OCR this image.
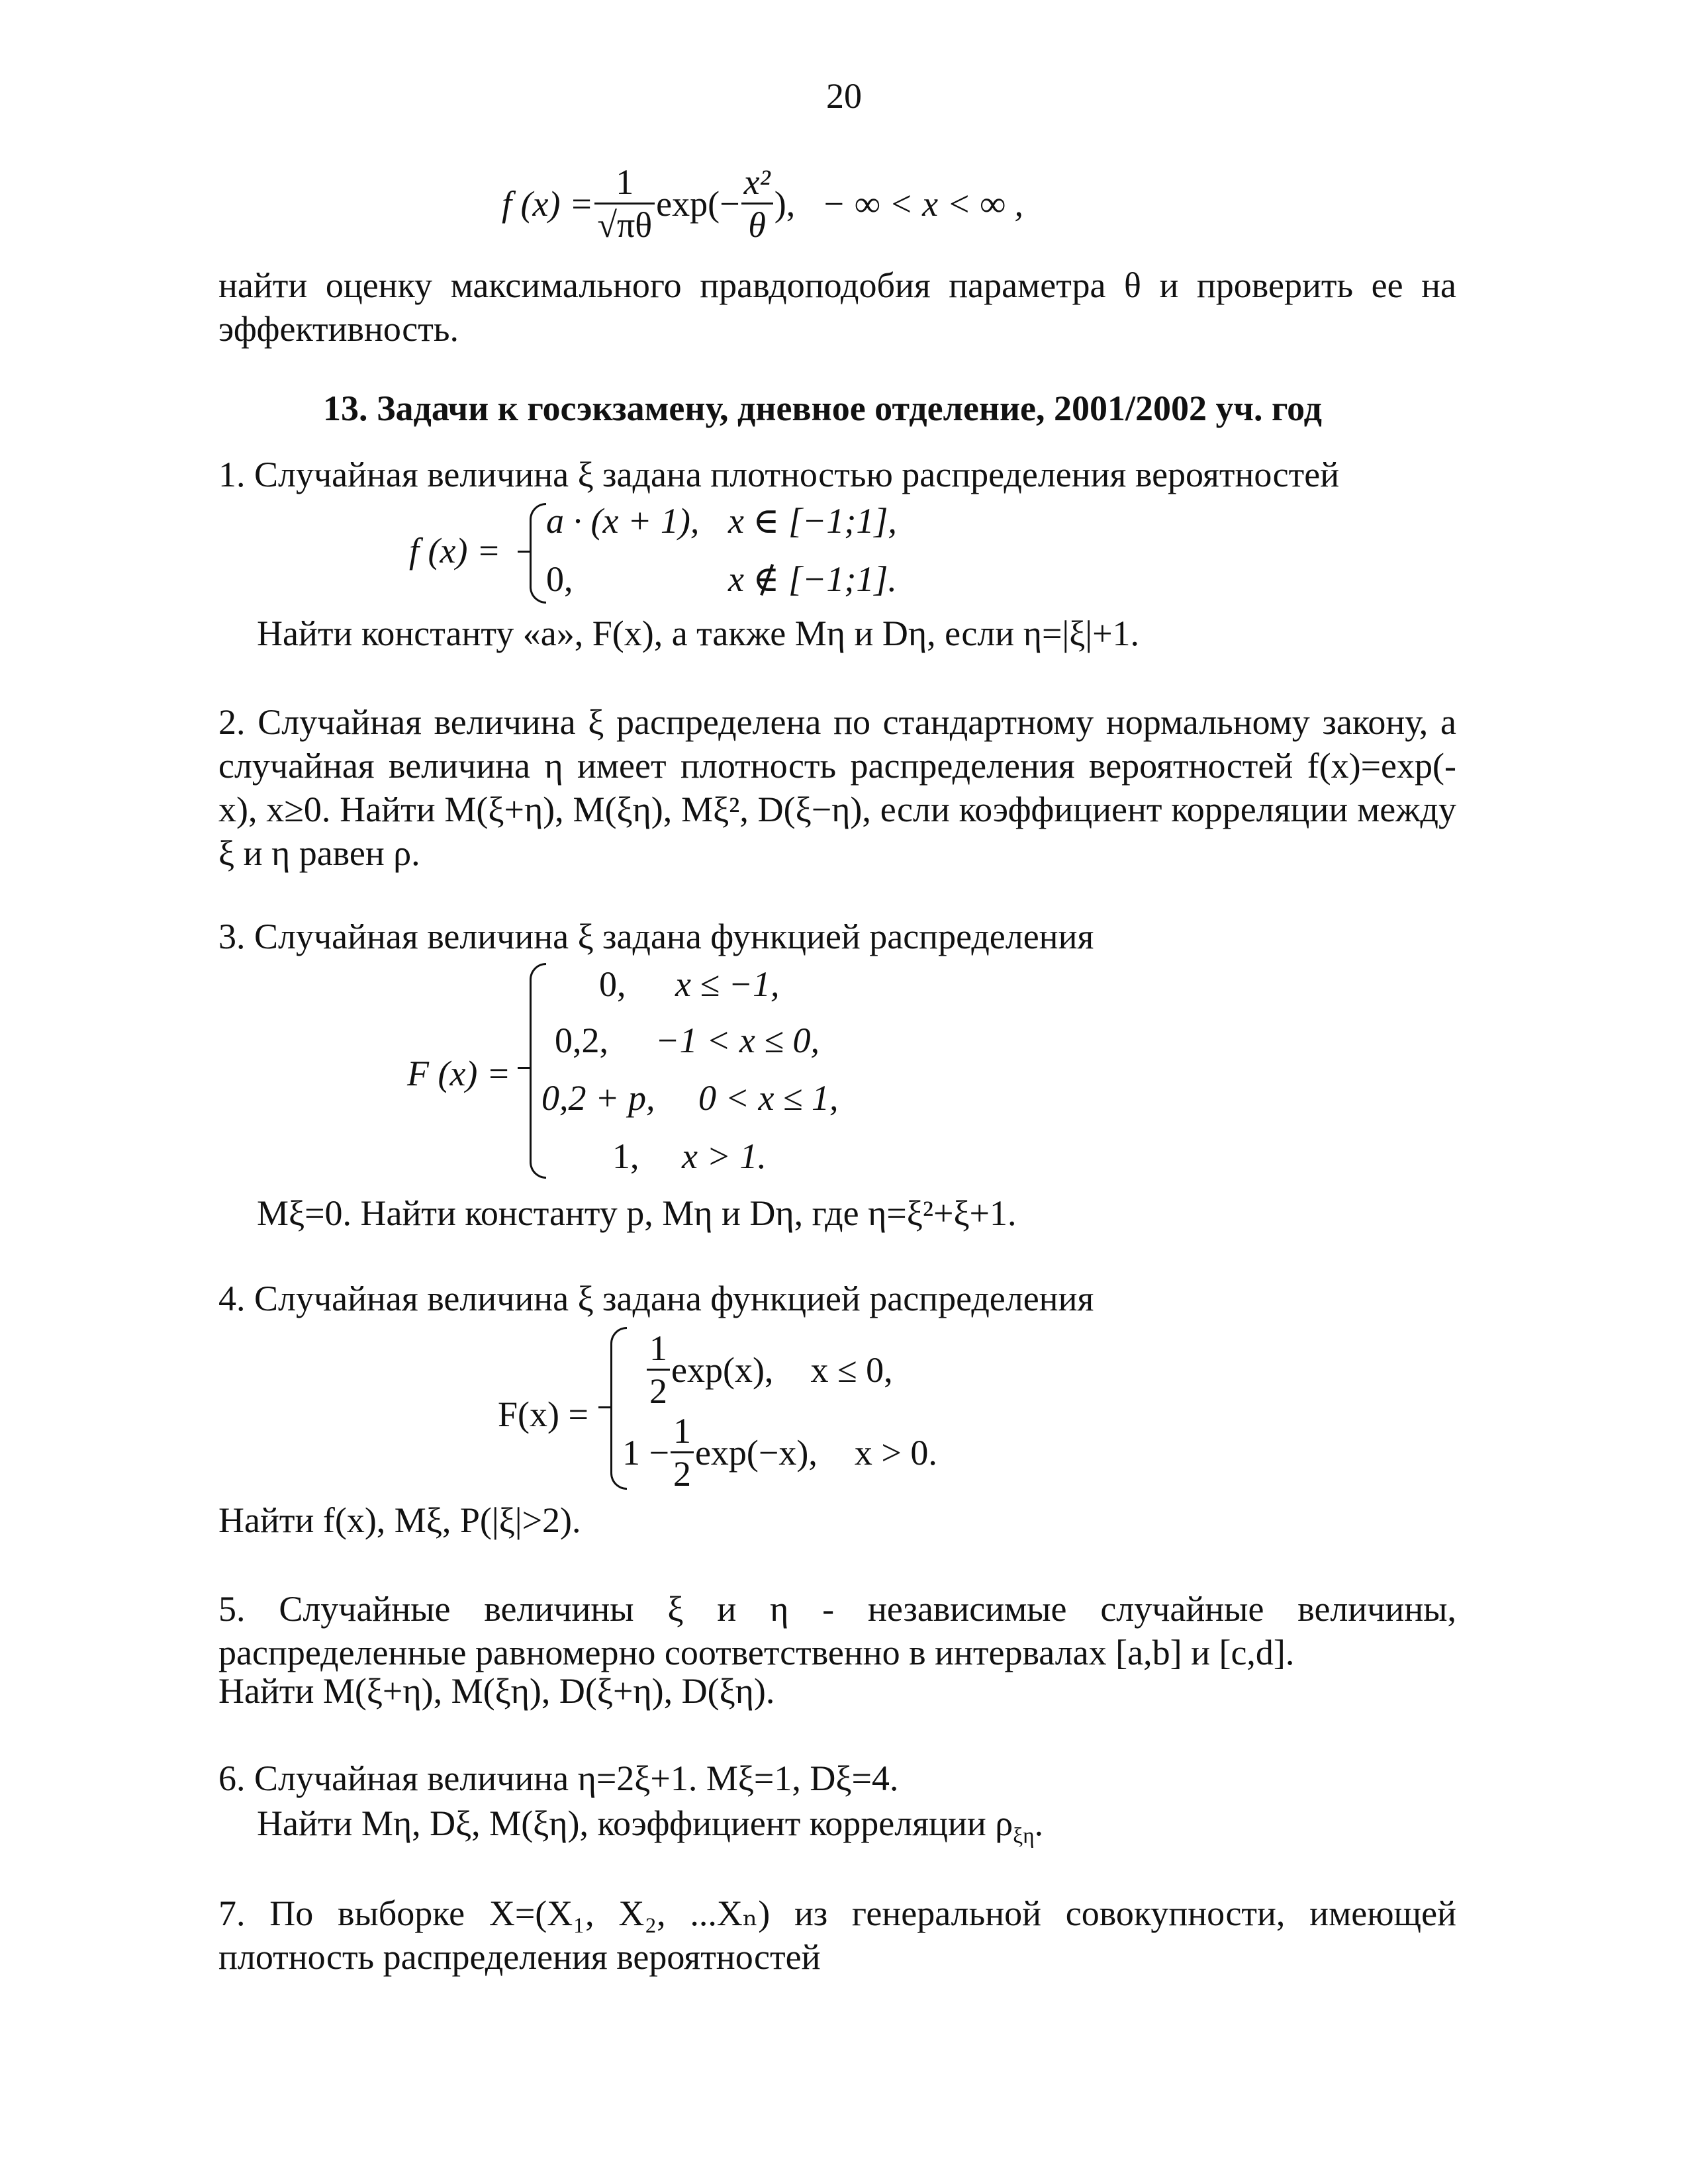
20
f $(x) = \frac{1}{√\pi\theta} \exp(- \frac{\text{x²}}{\theta}$ ), − ∞ < x < ∞ ,
найти оценку максимального правдоподобия параметра θ и проверить ее на эффективность.
13. Задачи к госэкзамену, дневное отделение, 2001/2002 уч. год
1. Случайная величина ξ задана плотностью распределения вероятностей
f (x) =
a · (x + 1), x ∈ [−1;1],
0,	x ∉ [−1;1].
Найти константу «а», F(x), а также Mη и Dη, если η=|ξ|+1.
2. Случайная величина ξ распределена по стандартному нормальному закону, а случайная величина η имеет плотность распределения вероятностей f(x)=exp(-x), x≥0. Найти M(ξ+η), M(ξη), Mξ², D(ξ−η), если коэффициент корреляции между ξ и η равен ρ.
3. Случайная величина ξ задана функцией распределения
F (x) =
0, x ≤ −1,
0,2, −1 < x ≤ 0,
0,2 + p, 0 < x ≤ 1,
1, x > 1.
Mξ=0. Найти константу p, Mη и Dη, где η=ξ²+ξ+1.
4. Случайная величина ξ задана функцией распределения
F(x) =
$\frac{1}{2} \exp(x)$, x ≤ 0,
$1 - \frac{1}{2} \exp(-x)$, x > 0.
Найти f(x), Mξ, P(|ξ|>2).
5. Случайные величины ξ и η - независимые случайные величины, распределенные равномерно соответственно в интервалах [a,b] и [c,d].
Найти M(ξ+η), M(ξη), D(ξ+η), D(ξη).
6. Случайная величина η=2ξ+1. Mξ=1, Dξ=4.
Найти Mη, Dξ, M(ξη), коэффициент корреляции $\rho_{\xi\eta}$.
7. По выборке X=(X₁, X₂, ...Xₙ) из генеральной совокупности, имеющей плотность распределения вероятностей
